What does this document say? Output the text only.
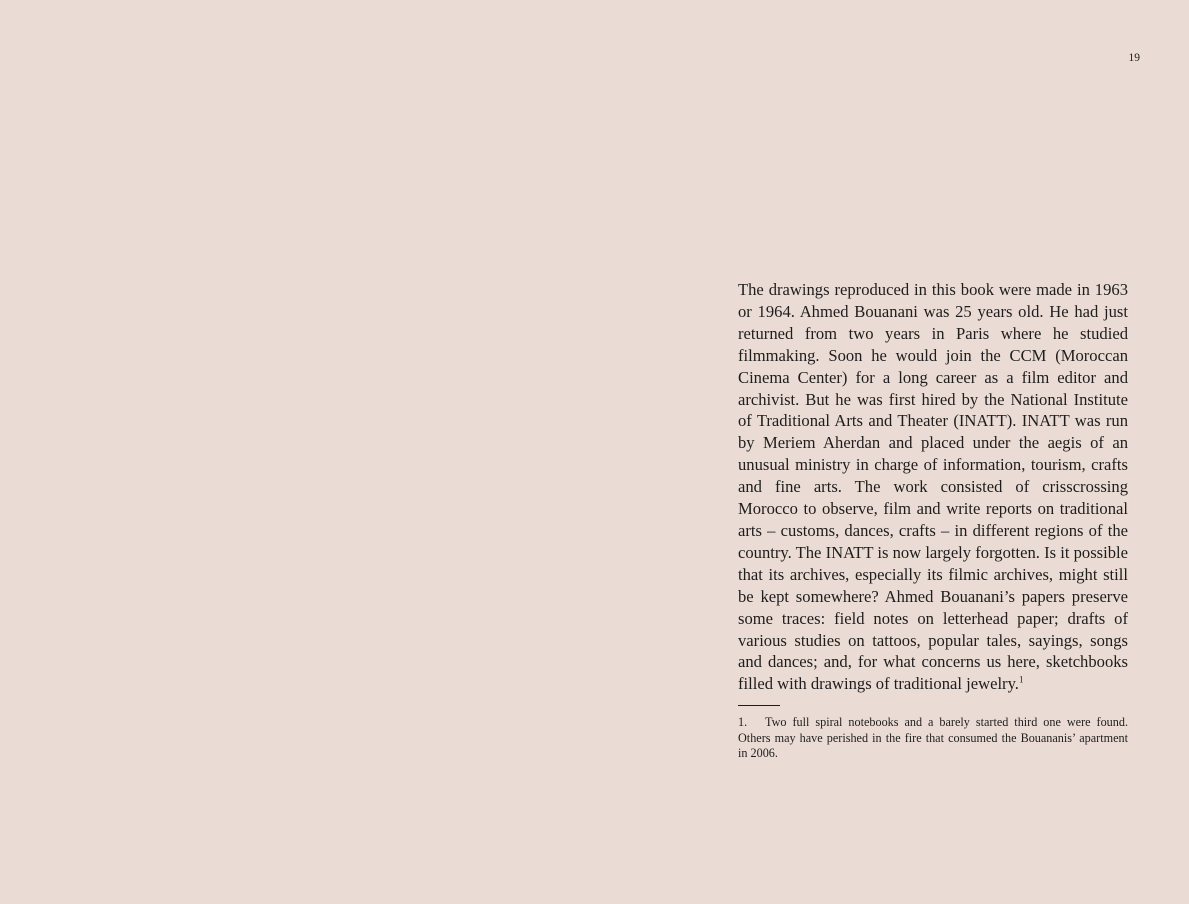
19

The drawings reproduced in this book were made in 1963 or 1964. Ahmed Bouanani was 25 years old. He had just returned from two years in Paris where he studied filmmaking. Soon he would join the CCM (Moroccan Cinema Center) for a long career as a film editor and archivist. But he was first hired by the National Institute of Traditional Arts and Theater (INATT). INATT was run by Meriem Aherdan and placed under the aegis of an unusual ministry in charge of information, tourism, crafts and fine arts. The work consisted of crisscrossing Morocco to observe, film and write reports on traditional arts – customs, dances, crafts – in different regions of the country. The INATT is now largely forgotten. Is it possible that its archives, especially its filmic archives, might still be kept somewhere? Ahmed Bouanani’s papers preserve some traces: field notes on letterhead paper; drafts of various studies on tattoos, popular tales, sayings, songs and dances; and, for what concerns us here, sketchbooks filled with drawings of traditional jewelry.$^1$

1. Two full spiral notebooks and a barely started third one were found. Others may have perished in the fire that consumed the Bouananis’ apartment in 2006.
